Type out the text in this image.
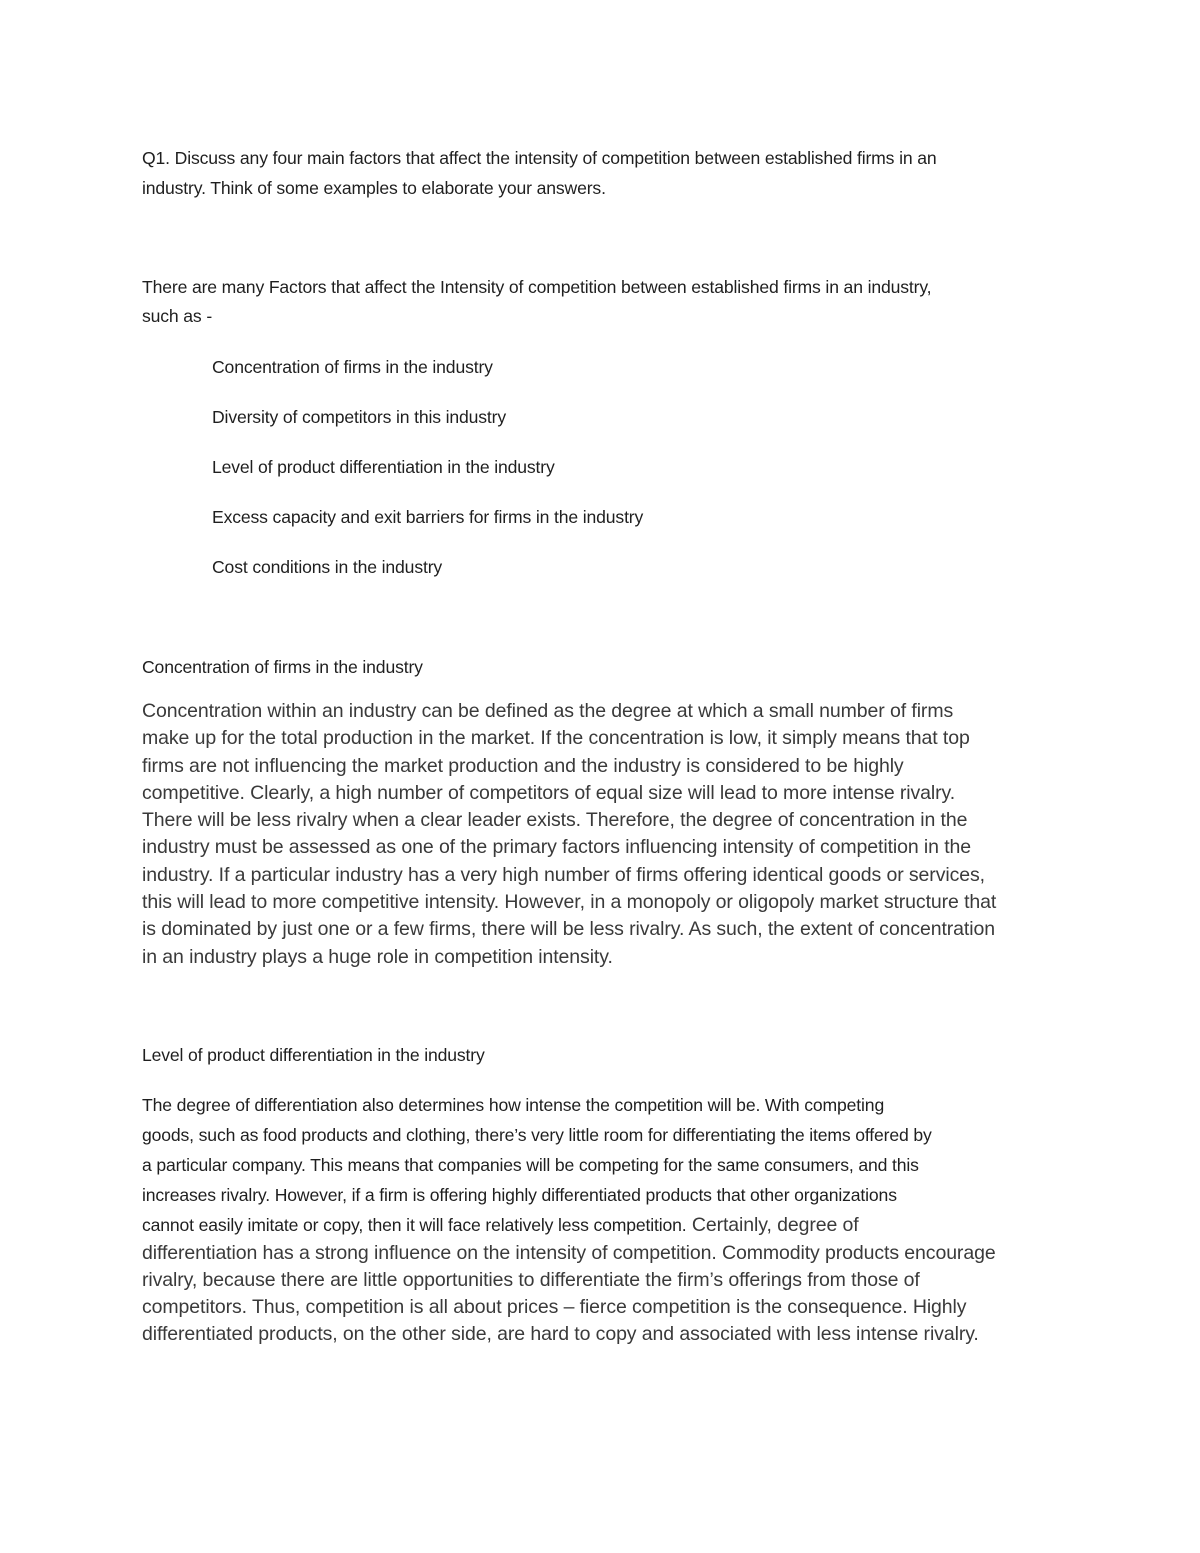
Q1. Discuss any four main factors that affect the intensity of competition between established firms in an
industry. Think of some examples to elaborate your answers.

There are many Factors that affect the Intensity of competition between established firms in an industry,
such as -

Concentration of firms in the industry
Diversity of competitors in this industry
Level of product differentiation in the industry
Excess capacity and exit barriers for firms in the industry
Cost conditions in the industry

Concentration of firms in the industry

Concentration within an industry can be defined as the degree at which a small number of firms
make up for the total production in the market. If the concentration is low, it simply means that top
firms are not influencing the market production and the industry is considered to be highly
competitive. Clearly, a high number of competitors of equal size will lead to more intense rivalry.
There will be less rivalry when a clear leader exists. Therefore, the degree of concentration in the
industry must be assessed as one of the primary factors influencing intensity of competition in the
industry. If a particular industry has a very high number of firms offering identical goods or services,
this will lead to more competitive intensity. However, in a monopoly or oligopoly market structure that
is dominated by just one or a few firms, there will be less rivalry. As such, the extent of concentration
in an industry plays a huge role in competition intensity.

Level of product differentiation in the industry

The degree of differentiation also determines how intense the competition will be. With competing
goods, such as food products and clothing, there’s very little room for differentiating the items offered by
a particular company. This means that companies will be competing for the same consumers, and this
increases rivalry. However, if a firm is offering highly differentiated products that other organizations
cannot easily imitate or copy, then it will face relatively less competition. Certainly, degree of
differentiation has a strong influence on the intensity of competition. Commodity products encourage
rivalry, because there are little opportunities to differentiate the firm’s offerings from those of
competitors. Thus, competition is all about prices – fierce competition is the consequence. Highly
differentiated products, on the other side, are hard to copy and associated with less intense rivalry.
